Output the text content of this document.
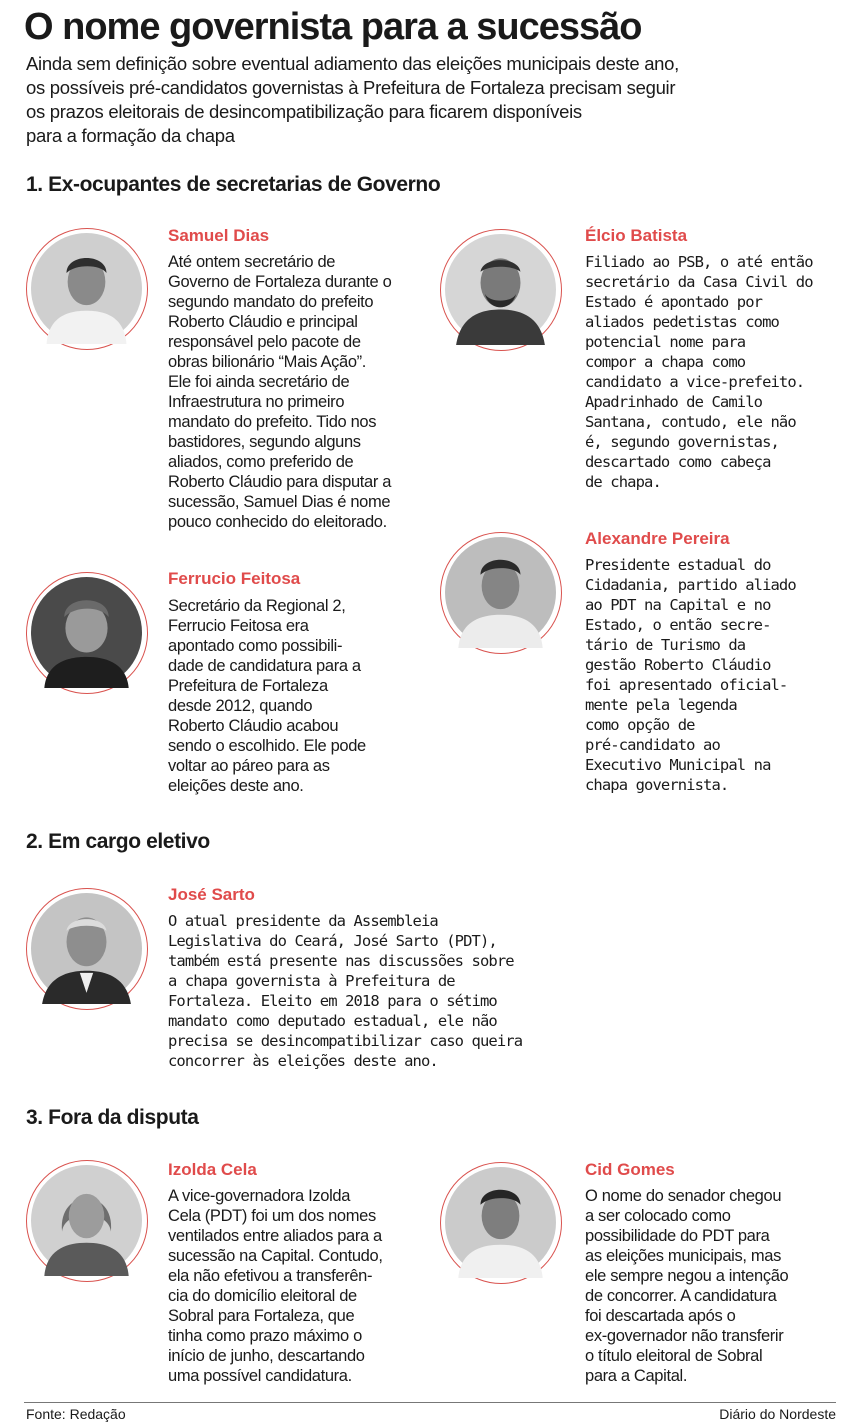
O nome governista para a sucessão
Ainda sem definição sobre eventual adiamento das eleições municipais deste ano,
os possíveis pré-candidatos governistas à Prefeitura de Fortaleza precisam seguir
os prazos eleitorais de desincompatibilização para ficarem disponíveis
para a formação da chapa
1. Ex-ocupantes de secretarias de Governo
Samuel Dias
Até ontem secretário de
Governo de Fortaleza durante o
segundo mandato do prefeito
Roberto Cláudio e principal
responsável pelo pacote de
obras bilionário “Mais Ação”.
Ele foi ainda secretário de
Infraestrutura no primeiro
mandato do prefeito. Tido nos
bastidores, segundo alguns
aliados, como preferido de
Roberto Cláudio para disputar a
sucessão, Samuel Dias é nome
pouco conhecido do eleitorado.
Élcio Batista
Filiado ao PSB, o até então
secretário da Casa Civil do
Estado é apontado por
aliados pedetistas como
potencial nome para
compor a chapa como
candidato a vice-prefeito.
Apadrinhado de Camilo
Santana, contudo, ele não
é, segundo governistas,
descartado como cabeça
de chapa.
Ferrucio Feitosa
Secretário da Regional 2,
Ferrucio Feitosa era
apontado como possibili-
dade de candidatura para a
Prefeitura de Fortaleza
desde 2012, quando
Roberto Cláudio acabou
sendo o escolhido. Ele pode
voltar ao páreo para as
eleições deste ano.
Alexandre Pereira
Presidente estadual do
Cidadania, partido aliado
ao PDT na Capital e no
Estado, o então secre-
tário de Turismo da
gestão Roberto Cláudio
foi apresentado oficial-
mente pela legenda
como opção de
pré-candidato ao
Executivo Municipal na
chapa governista.
2. Em cargo eletivo
José Sarto
O atual presidente da Assembleia
Legislativa do Ceará, José Sarto (PDT),
também está presente nas discussões sobre
a chapa governista à Prefeitura de
Fortaleza. Eleito em 2018 para o sétimo
mandato como deputado estadual, ele não
precisa se desincompatibilizar caso queira
concorrer às eleições deste ano.
3. Fora da disputa
Izolda Cela
A vice-governadora Izolda
Cela (PDT) foi um dos nomes
ventilados entre aliados para a
sucessão na Capital. Contudo,
ela não efetivou a transferên-
cia do domicílio eleitoral de
Sobral para Fortaleza, que
tinha como prazo máximo o
início de junho, descartando
uma possível candidatura.
Cid Gomes
O nome do senador chegou
a ser colocado como
possibilidade do PDT para
as eleições municipais, mas
ele sempre negou a intenção
de concorrer. A candidatura
foi descartada após o
ex-governador não transferir
o título eleitoral de Sobral
para a Capital.
Fonte: Redação	Diário do Nordeste
